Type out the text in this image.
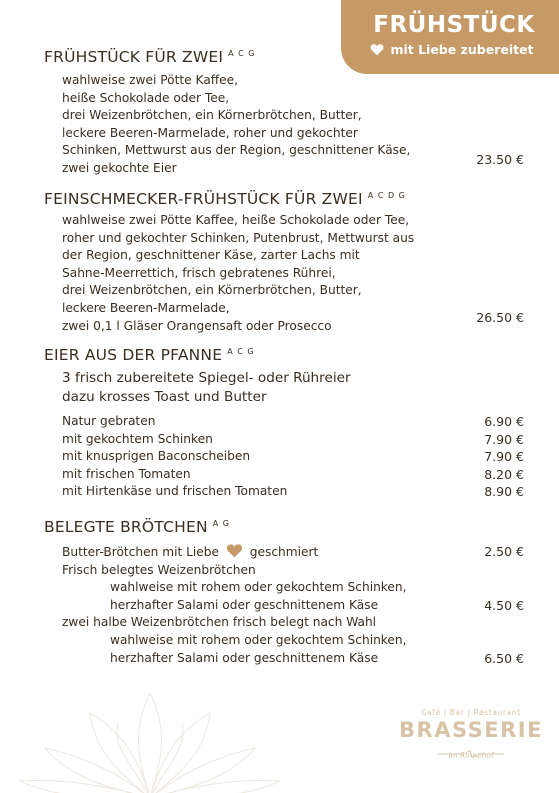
FRÜHSTÜCK
mit Liebe zubereitet
FRÜHSTÜCK FÜR ZWEI $^{A C G}$
wahlweise zwei Pötte Kaffee,
heiße Schokolade oder Tee,
drei Weizenbrötchen, ein Körnerbrötchen, Butter,
leckere Beeren-Marmelade, roher und gekochter
Schinken, Mettwurst aus der Region, geschnittener Käse,
zwei gekochte Eier
23.50 €
FEINSCHMECKER-FRÜHSTÜCK FÜR ZWEI $^{A C D G}$
wahlweise zwei Pötte Kaffee, heiße Schokolade oder Tee,
roher und gekochter Schinken, Putenbrust, Mettwurst aus
der Region, geschnittener Käse, zarter Lachs mit
Sahne-Meerrettich, frisch gebratenes Rührei,
drei Weizenbrötchen, ein Körnerbrötchen, Butter,
leckere Beeren-Marmelade,
zwei 0,1 l Gläser Orangensaft oder Prosecco
26.50 €
EIER AUS DER PFANNE $^{A C G}$
3 frisch zubereitete Spiegel- oder Rühreier
dazu krosses Toast und Butter
Natur gebraten	6.90 €
mit gekochtem Schinken	7.90 €
mit knusprigen Baconscheiben	7.90 €
mit frischen Tomaten	8.20 €
mit Hirtenkäse und frischen Tomaten	8.90 €
BELEGTE BRÖTCHEN $^{A G}$
Butter-Brötchen mit Liebe	geschmiert	2.50 €
Frisch belegtes Weizenbrötchen
wahlweise mit rohem oder gekochtem Schinken,
herzhafter Salami oder geschnittenem Käse	4.50 €
zwei halbe Weizenbrötchen frisch belegt nach Wahl
wahlweise mit rohem oder gekochtem Schinken,
herzhafter Salami oder geschnittenem Käse	6.50 €
Café | Bar | Restaurant
BRASSERIE
im Rinnehof
